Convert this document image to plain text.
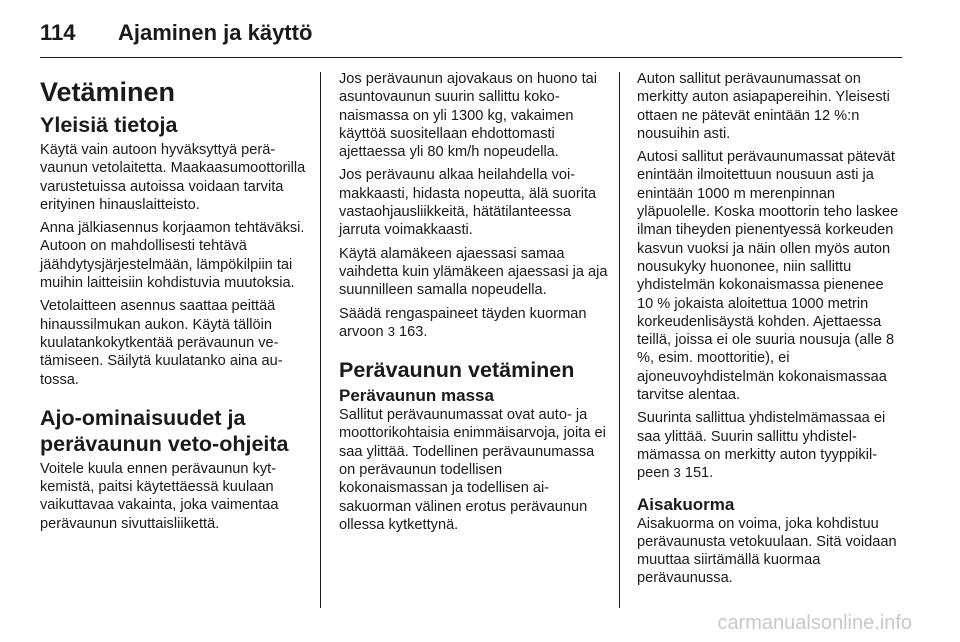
114 Ajaminen ja käyttö
Vetäminen
Yleisiä tietoja

Käytä vain autoon hyväksyttyä perävaunun vetolaitetta. Maakaasumoottorilla varustetuissa autoissa voidaan tarvita erityinen hinauslaitteisto.

Anna jälkiasennus korjaamon tehtäväksi. Autoon on mahdollisesti tehtävä jäähdytysjärjestelmään, lämpökilpiin tai muihin laitteisiin kohdistuvia muutoksia.

Vetolaitteen asennus saattaa peittää hinaussilmukan aukon. Käytä tällöin kuulatankokytkentää perävaunun vetämiseen. Säilytä kuulatanko aina autossa.

Ajo-ominaisuudet ja perävaunun veto-ohjeita

Voitele kuula ennen perävaunun kytkemistä, paitsi käytettäessä kuulaan vaikuttavaa vakainta, joka vaimentaa perävaunun sivuttaisliikettä.

Jos perävaunun ajovakaus on huono tai asuntovaunun suurin sallittu kokonaismassa on yli 1300 kg, vakaimen käyttöä suositellaan ehdottomasti ajettaessa yli 80 km/h nopeudella.

Jos perävaunu alkaa heilahdella voimakkaasti, hidasta nopeutta, älä suorita vastaohjausliikkeitä, hätätilanteessa jarruta voimakkaasti.

Käytä alamäkeen ajaessasi samaa vaihdetta kuin ylämäkeen ajaessasi ja aja suunnilleen samalla nopeudella.

Säädä rengaspaineet täyden kuorman arvoon 3 163.

Perävaunun vetäminen
Perävaunun massa

Sallitut perävaunumassat ovat auto- ja moottorikohtaisia enimmäisarvoja, joita ei saa ylittää. Todellinen perävaunumassa on perävaunun todellisen kokonaismassan ja todellisen aisakuorman välinen erotus perävaunun ollessa kytkettynä.

Auton sallitut perävaunumassat on merkitty auton asiapapereihin. Yleisesti ottaen ne pätevät enintään 12 %:n nousuihin asti.

Autosi sallitut perävaunumassat pätevät enintään ilmoitettuun nousuun asti ja enintään 1000 m merenpinnan yläpuolelle. Koska moottorin teho laskee ilman tiheyden pienentyessä korkeuden kasvun vuoksi ja näin ollen myös auton nousukyky huononee, niin sallittu yhdistelmän kokonaismassa pienenee 10 % jokaista aloitettua 1000 metrin korkeudenlisäystä kohden. Ajettaessa teillä, joissa ei ole suuria nousuja (alle 8 %, esim. moottoritie), ei ajoneuvoyhdistelmän kokonaismassaa tarvitse alentaa.

Suurinta sallittua yhdistelmämassaa ei saa ylittää. Suurin sallittu yhdistelmämassa on merkitty auton tyyppikilpeen 3 151.

Aisakuorma

Aisakuorma on voima, joka kohdistuu perävaunusta vetokuulaan. Sitä voidaan muuttaa siirtämällä kuormaa perävaunussa.

carmanualsonline.info
